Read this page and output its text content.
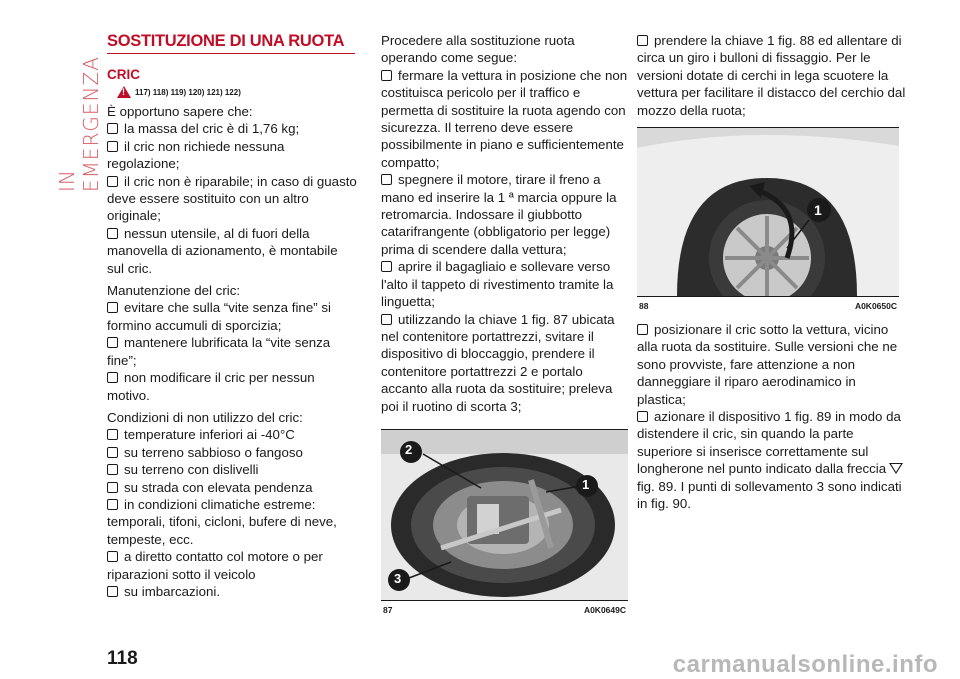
IN EMERGENZA
SOSTITUZIONE DI UNA RUOTA
CRIC
!
117) 118) 119) 120) 121) 122)

È opportuno sapere che:

la massa del cric è di 1,76 kg;

il cric non richiede nessuna regolazione;

il cric non è riparabile; in caso di guasto deve essere sostituito con un altro originale;

nessun utensile, al di fuori della manovella di azionamento, è montabile sul cric.

Manutenzione del cric:

evitare che sulla “vite senza fine” si formino accumuli di sporcizia;

mantenere lubrificata la “vite senza fine”;

non modificare il cric per nessun motivo.

Condizioni di non utilizzo del cric:

temperature inferiori ai -40°C

su terreno sabbioso o fangoso

su terreno con dislivelli

su strada con elevata pendenza

in condizioni climatiche estreme: temporali, tifoni, cicloni, bufere di neve, tempeste, ecc.

a diretto contatto col motore o per riparazioni sotto il veicolo

su imbarcazioni.

Procedere alla sostituzione ruota operando come segue:

fermare la vettura in posizione che non costituisca pericolo per il traffico e permetta di sostituire la ruota agendo con sicurezza. Il terreno deve essere possibilmente in piano e sufficientemente compatto;

spegnere il motore, tirare il freno a mano ed inserire la 1 ª marcia oppure la retromarcia. Indossare il giubbotto catarifrangente (obbligatorio per legge) prima di scendere dalla vettura;

aprire il bagagliaio e sollevare verso l'alto il tappeto di rivestimento tramite la linguetta;

utilizzando la chiave 1 fig. 87 ubicata nel contenitore portattrezzi, svitare il dispositivo di bloccaggio, prendere il contenitore portattrezzi 2 e portalo accanto alla ruota da sostituire; preleva poi il ruotino di scorta 3;

2
1
3
87	A0K0649C

prendere la chiave 1 fig. 88 ed allentare di circa un giro i bulloni di fissaggio. Per le versioni dotate di cerchi in lega scuotere la vettura per facilitare il distacco del cerchio dal mozzo della ruota;

1
88	A0K0650C

posizionare il cric sotto la vettura, vicino alla ruota da sostituire. Sulle versioni che ne sono provviste, fare attenzione a non danneggiare il riparo aerodinamico in plastica;

azionare il dispositivo 1 fig. 89 in modo da distendere il cric, sin quando la parte superiore si inserisce correttamente sul longherone nel punto indicato dalla frecciafig. 89. I punti di sollevamento 3 sono indicati in fig. 90.

118	carmanualsonline.info
